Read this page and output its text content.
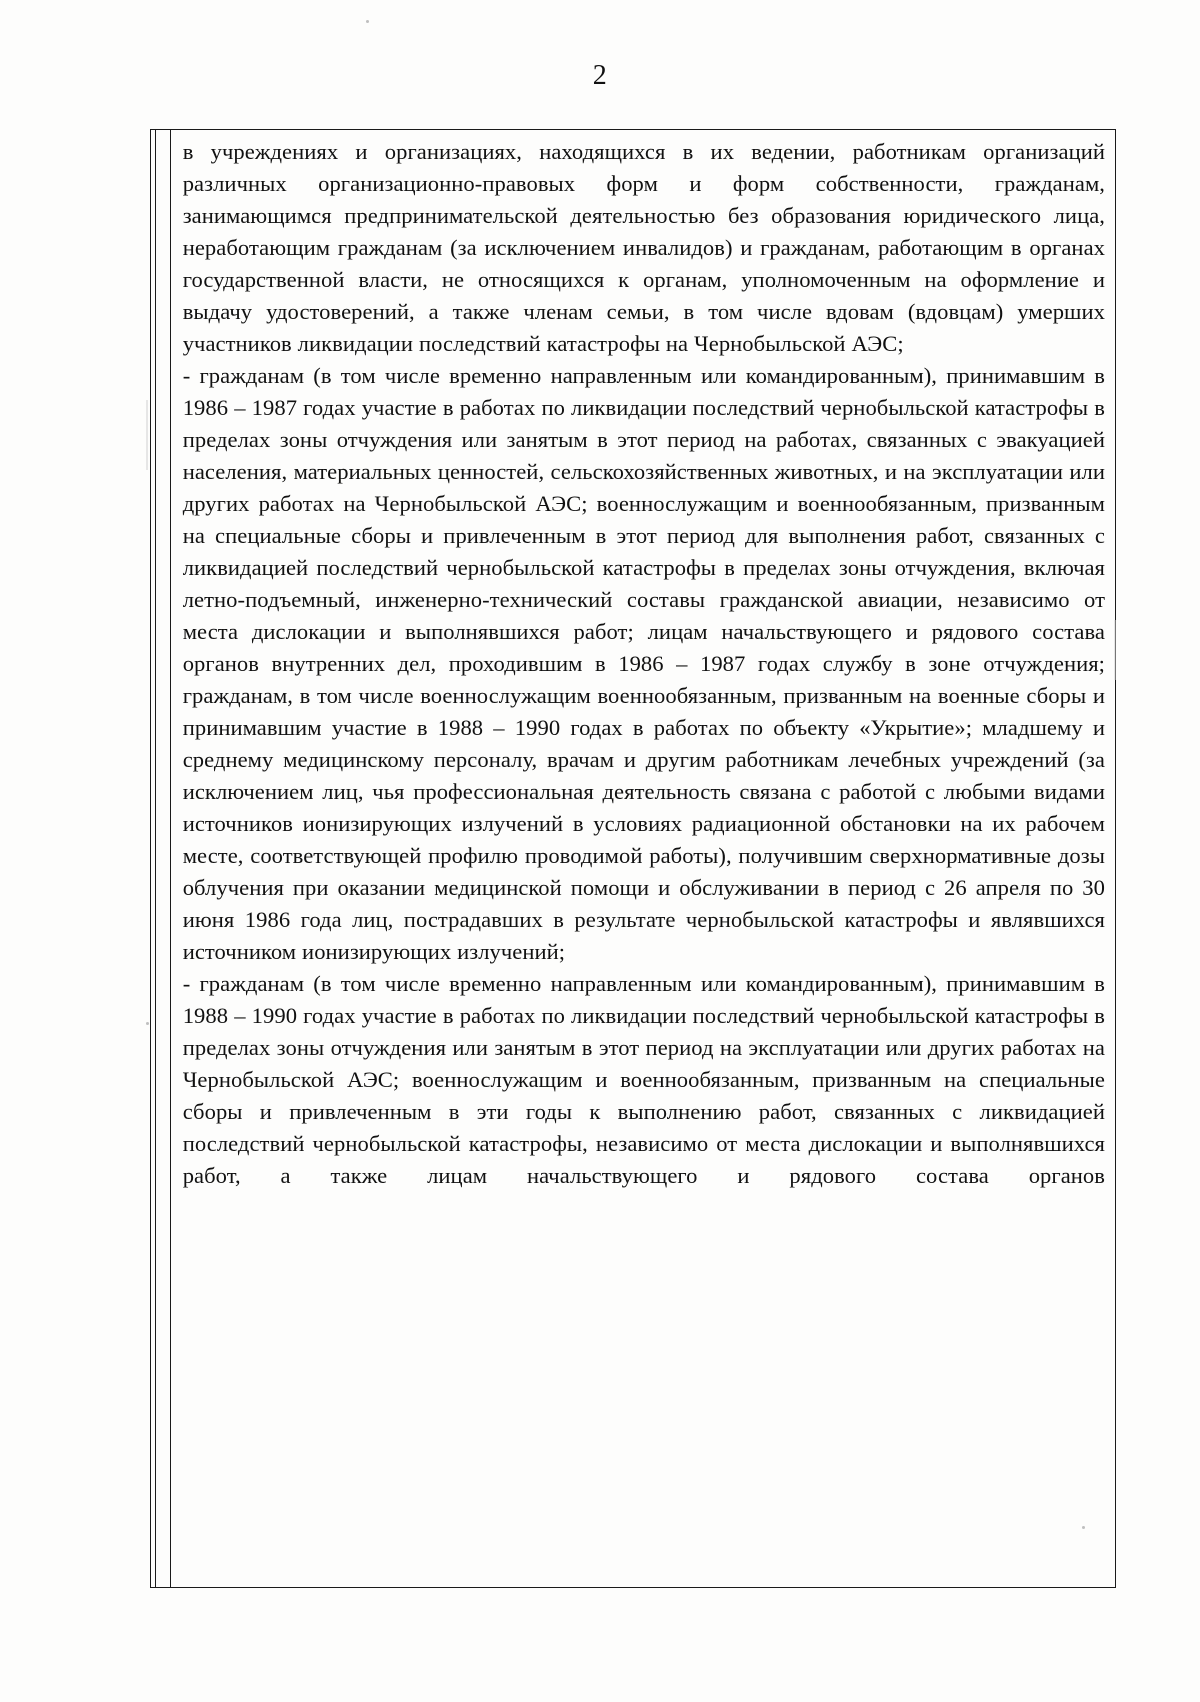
2

в учреждениях и организациях, находящихся в их ведении, работникам организаций различных организационно-правовых форм и форм собственности, гражданам, занимающимся предпринимательской деятельностью без образования юридического лица, неработающим гражданам (за исключением инвалидов) и гражданам, работающим в органах государственной власти, не относящихся к органам, уполномоченным на оформление и выдачу удостоверений, а также членам семьи, в том числе вдовам (вдовцам) умерших участников ликвидации последствий катастрофы на Чернобыльской АЭС;

- гражданам (в том числе временно направленным или командированным), принимавшим в 1986 – 1987 годах участие в работах по ликвидации последствий чернобыльской катастрофы в пределах зоны отчуждения или занятым в этот период на работах, связанных с эвакуацией населения, материальных ценностей, сельскохозяйственных животных, и на эксплуатации или других работах на Чернобыльской АЭС; военнослужащим и военнообязанным, призванным на специальные сборы и привлеченным в этот период для выполнения работ, связанных с ликвидацией последствий чернобыльской катастрофы в пределах зоны отчуждения, включая летно-подъемный, инженерно-технический составы гражданской авиации, независимо от места дислокации и выполнявшихся работ; лицам начальствующего и рядового состава органов внутренних дел, проходившим в 1986 – 1987 годах службу в зоне отчуждения; гражданам, в том числе военнослужащим военнообязанным, призванным на военные сборы и принимавшим участие в 1988 – 1990 годах в работах по объекту «Укрытие»; младшему и среднему медицинскому персоналу, врачам и другим работникам лечебных учреждений (за исключением лиц, чья профессиональная деятельность связана с работой с любыми видами источников ионизирующих излучений в условиях радиационной обстановки на их рабочем месте, соответствующей профилю проводимой работы), получившим сверхнормативные дозы облучения при оказании медицинской помощи и обслуживании в период с 26 апреля по 30 июня 1986 года лиц, пострадавших в результате чернобыльской катастрофы и являвшихся источником ионизирующих излучений;

- гражданам (в том числе временно направленным или командированным), принимавшим в 1988 – 1990 годах участие в работах по ликвидации последствий чернобыльской катастрофы в пределах зоны отчуждения или занятым в этот период на эксплуатации или других работах на Чернобыльской АЭС; военнослужащим и военнообязанным, призванным на специальные сборы и привлеченным в эти годы к выполнению работ, связанных с ликвидацией последствий чернобыльской катастрофы, независимо от места дислокации и выполнявшихся работ, а также лицам начальствующего и рядового состава органов
